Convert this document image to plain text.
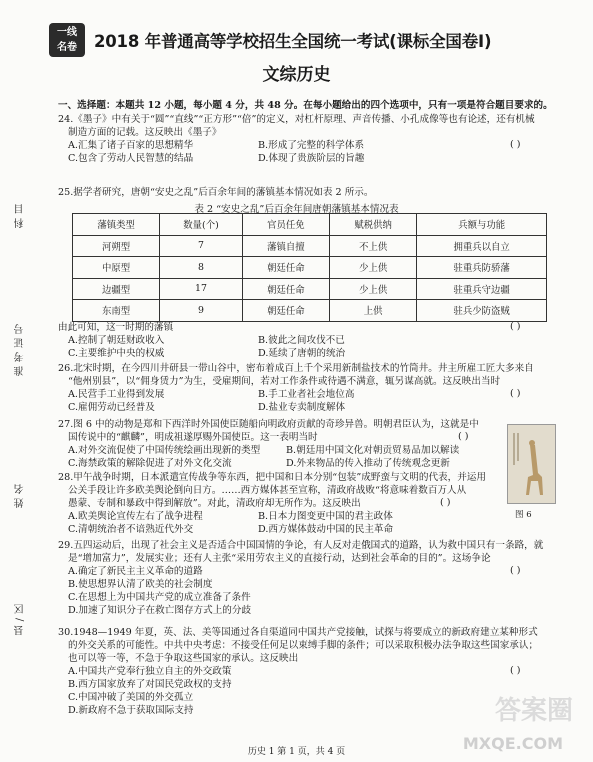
一线
名卷	2018 年普通高等学校招生全国统一考试(课标全国卷Ⅰ)
文综历史
科目
准考证号
姓名
县/区
一、选择题：本题共 12 小题，每小题 4 分，共 48 分。在每小题给出的四个选项中，只有一项是符合题目要求的。
24.《墨子》中有关于“圆”“直线”“正方形”“倍”的定义，对杠杆原理、声音传播、小孔成像等也有论述，还有机械
制造方面的记载。这反映出《墨子》
( )
A.汇集了诸子百家的思想精华	B.形成了完整的科学体系
C.包含了劳动人民智慧的结晶	D.体现了贵族阶层的旨趣
25.据学者研究，唐朝“安史之乱”后百余年间的藩镇基本情况如表 2 所示。
表 2 “安史之乱”后百余年间唐朝藩镇基本情况表
藩镇类型	数量(个)	官员任免	赋税供纳	兵额与功能
河朔型	7	藩镇自擅	不上供	拥重兵以自立
中原型	8	朝廷任命	少上供	驻重兵防骄藩
边疆型	17	朝廷任命	少上供	驻重兵守边疆
东南型	9	朝廷任命	上供	驻兵少防盗贼
由此可知，这一时期的藩镇	( )
A.控制了朝廷财政收入	B.彼此之间攻伐不已
C.主要维护中央的权威	D.延续了唐朝的统治
26.北宋时期，在今四川井研县一带山谷中，密布着成百上千个采用新制盐技术的竹筒井。井主所雇工匠大多来自
“他州别县”，以“佣身赁力”为生，受雇期间，若对工作条件或待遇不满意，辄另谋高就。这反映出当时
( )
A.民营手工业得到发展	B.手工业者社会地位高
C.雇佣劳动已经普及	D.盐业专卖制度解体
27.图 6 中的动物是郑和下西洋时外国使臣随船向明政府贡献的奇珍异兽。明朝君臣认为，这就是中
国传说中的“麒麟”，明成祖遂厚赐外国使臣。这一表明当时	( )
A.对外交流促使了中国传统绘画出现新的类型	B.朝廷用中国文化对朝贡贸易品加以解读
C.海禁政策的解除促进了对外文化交流	D.外来物品的传入推动了传统观念更新
图 6
28.甲午战争时期，日本派遣宣传战争等东西，把中国和日本分别“包装”成野蛮与文明的代表，并运用
公关手段让许多欧美舆论倒向日方。……西方媒体甚至宣称，清政府战败“将意味着数百万人从
愚蒙、专制和暴政中得到解放”。对此，清政府却无所作为。这反映出	( )
A.欧美舆论宣传左右了战争进程	B.日本力图变更中国的君主政体
C.清朝统治者不谙熟近代外交	D.西方媒体鼓动中国的民主革命
29.五四运动后，出现了社会主义是否适合中国国情的争论，有人反对走俄国式的道路，认为救中国只有一条路，就
是“增加富力”，发展实业；还有人主张“采用劳农主义的直接行动，达到社会革命的目的”。这场争论
( )
A.确定了新民主主义革命的道路
B.使思想界认清了欧美的社会制度
C.在思想上为中国共产党的成立准备了条件
D.加速了知识分子在救亡图存方式上的分歧
30.1948—1949 年夏，英、法、美等国通过各自渠道同中国共产党接触，试探与将要成立的新政府建立某种形式
的外交关系的可能性。中共中央考虑：不接受任何足以束缚手脚的条件；可以采取积极办法争取这些国家承认；
也可以等一等，不急于争取这些国家的承认。这反映出
( )
A.中国共产党奉行独立自主的外交政策
B.西方国家放弃了对国民党政权的支持
C.中国冲破了美国的外交孤立
D.新政府不急于获取国际支持	答案圈
MXQE.COM
历史 1 第 1 页，共 4 页
